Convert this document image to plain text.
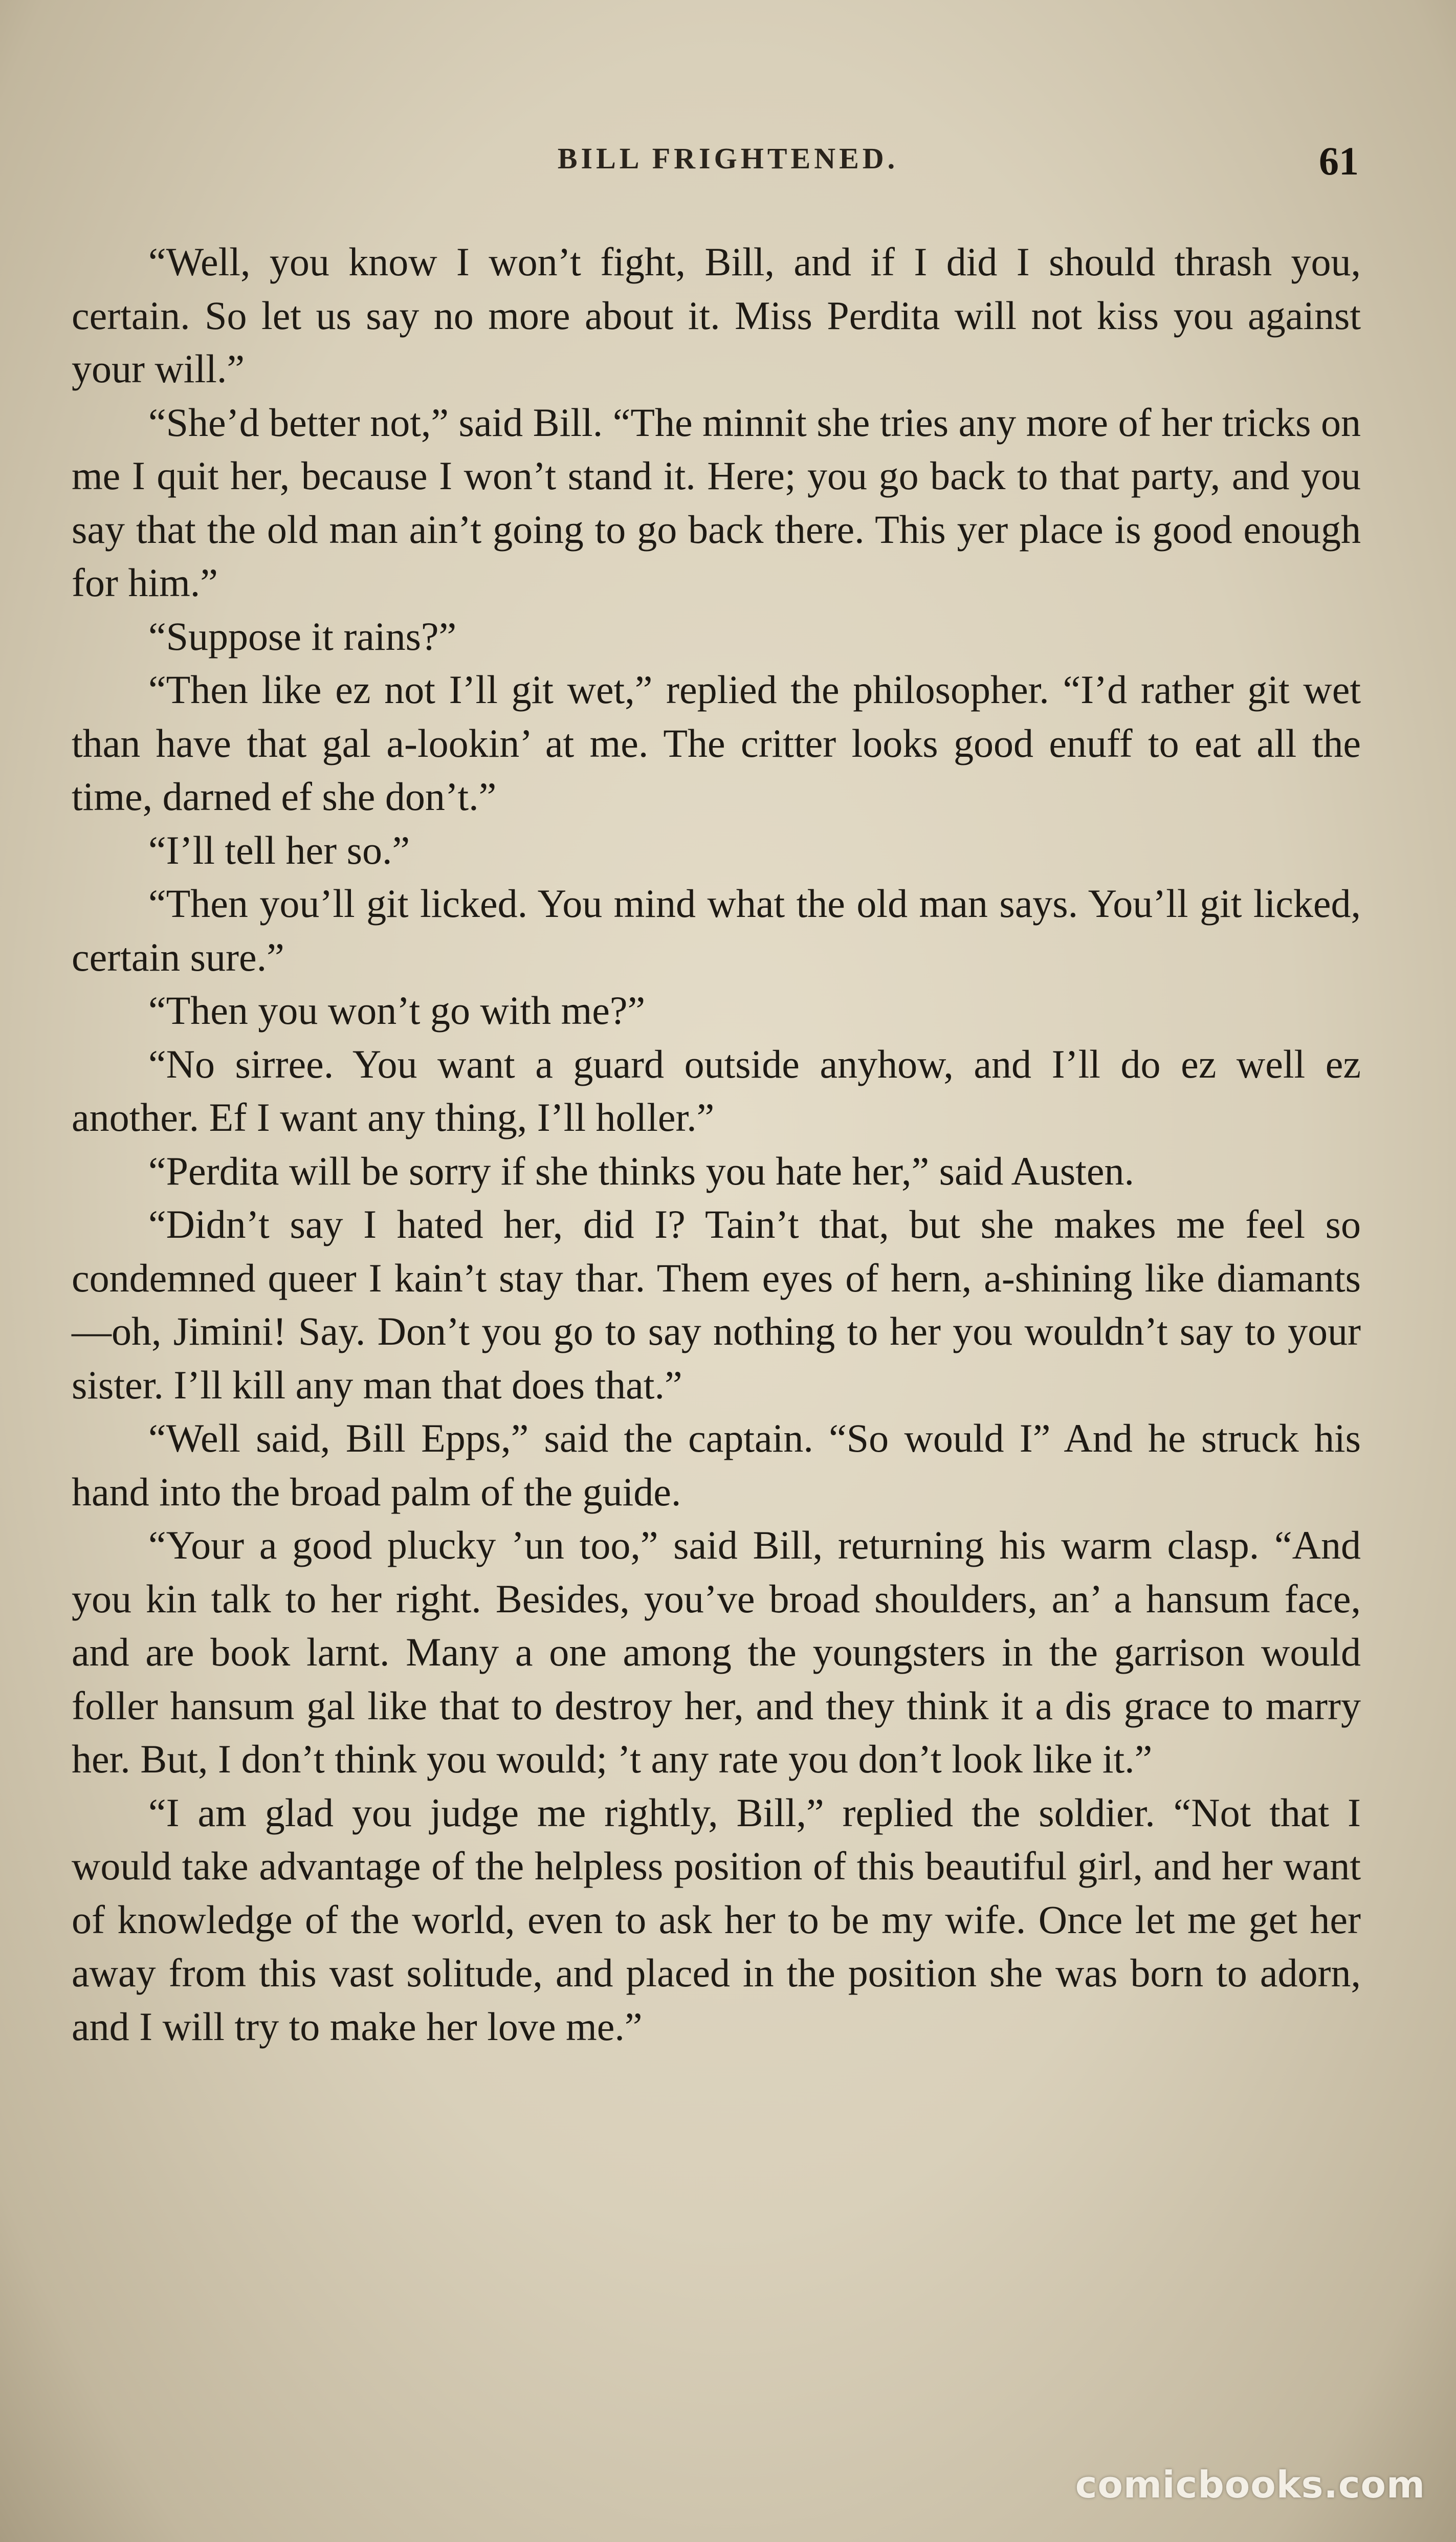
BILL FRIGHTENED.	61

“Well, you know I won’t fight, Bill, and if I did I should thrash you, certain. So let us say no more about it. Miss Perdita will not kiss you against your will.”

“She’d better not,” said Bill. “The minnit she tries any more of her tricks on me I quit her, because I won’t stand it. Here; you go back to that party, and you say that the old man ain’t going to go back there. This yer place is good enough for him.”

“Suppose it rains?”

“Then like ez not I’ll git wet,” replied the philosopher. “I’d rather git wet than have that gal a-lookin’ at me. The critter looks good enuff to eat all the time, darned ef she don’t.”

“I’ll tell her so.”

“Then you’ll git licked. You mind what the old man says. You’ll git licked, certain sure.”

“Then you won’t go with me?”

“No sirree. You want a guard outside anyhow, and I’ll do ez well ez another. Ef I want any thing, I’ll holler.”

“Perdita will be sorry if she thinks you hate her,” said Austen.

“Didn’t say I hated her, did I? Tain’t that, but she makes me feel so condemned queer I kain’t stay thar. Them eyes of hern, a-shining like diamants—oh, Jimini! Say. Don’t you go to say nothing to her you wouldn’t say to your sister. I’ll kill any man that does that.”

“Well said, Bill Epps,” said the captain. “So would I” And he struck his hand into the broad palm of the guide.

“Your a good plucky ’un too,” said Bill, returning his warm clasp. “And you kin talk to her right. Besides, you’ve broad shoulders, an’ a hansum face, and are book larnt. Many a one among the youngsters in the garrison would foller hansum gal like that to destroy her, and they think it a dis grace to marry her. But, I don’t think you would; ’t any rate you don’t look like it.”

“I am glad you judge me rightly, Bill,” replied the soldier. “Not that I would take advantage of the helpless position of this beautiful girl, and her want of knowledge of the world, even to ask her to be my wife. Once let me get her away from this vast solitude, and placed in the position she was born to adorn, and I will try to make her love me.”

comicbooks.com
